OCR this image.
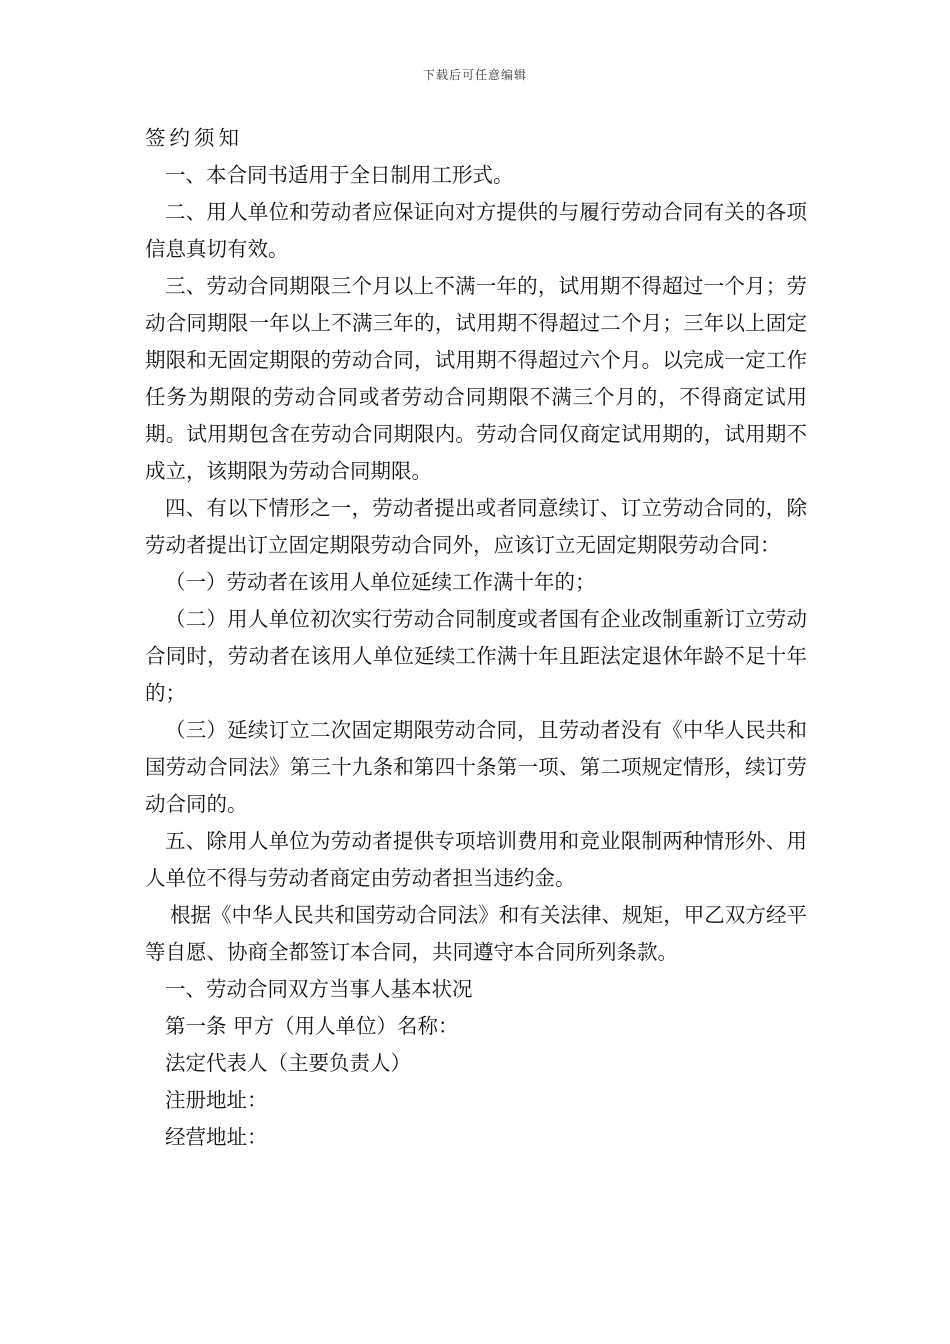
下载后可任意编辑

签约须知

一、本合同书适用于全日制用工形式。

二、用人单位和劳动者应保证向对方提供的与履行劳动合同有关的各项信息真切有效。

三、劳动合同期限三个月以上不满一年的，试用期不得超过一个月；劳动合同期限一年以上不满三年的，试用期不得超过二个月；三年以上固定期限和无固定期限的劳动合同，试用期不得超过六个月。以完成一定工作任务为期限的劳动合同或者劳动合同期限不满三个月的，不得商定试用期。试用期包含在劳动合同期限内。劳动合同仅商定试用期的，试用期不成立，该期限为劳动合同期限。

四、有以下情形之一，劳动者提出或者同意续订、订立劳动合同的，除劳动者提出订立固定期限劳动合同外，应该订立无固定期限劳动合同：

（一）劳动者在该用人单位延续工作满十年的；

（二）用人单位初次实行劳动合同制度或者国有企业改制重新订立劳动合同时，劳动者在该用人单位延续工作满十年且距法定退休年龄不足十年的；

（三）延续订立二次固定期限劳动合同，且劳动者没有《中华人民共和国劳动合同法》第三十九条和第四十条第一项、第二项规定情形，续订劳动合同的。

五、除用人单位为劳动者提供专项培训费用和竞业限制两种情形外、用人单位不得与劳动者商定由劳动者担当违约金。

根据《中华人民共和国劳动合同法》和有关法律、规矩，甲乙双方经平等自愿、协商全都签订本合同，共同遵守本合同所列条款。

一、劳动合同双方当事人基本状况

第一条 甲方（用人单位）名称：

法定代表人（主要负责人）

注册地址：

经营地址：
